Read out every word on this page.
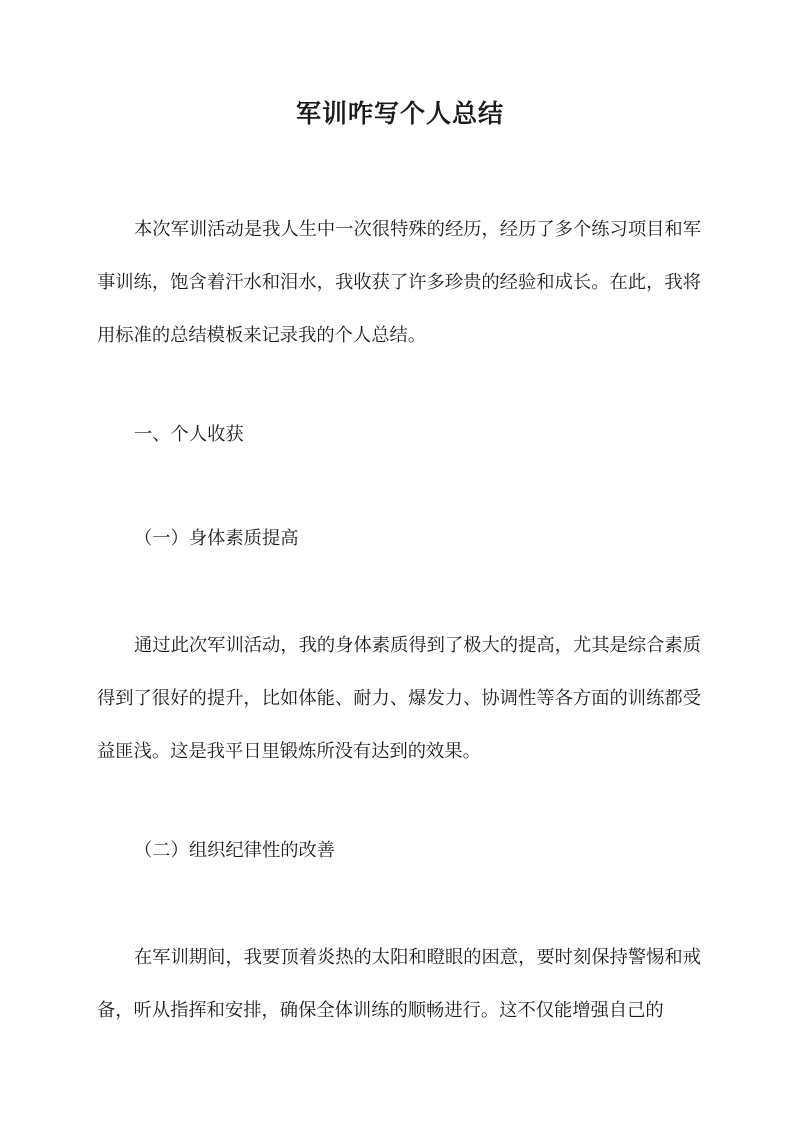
军训咋写个人总结

本次军训活动是我人生中一次很特殊的经历，经历了多个练习项目和军事训练，饱含着汗水和泪水，我收获了许多珍贵的经验和成长。在此，我将用标准的总结模板来记录我的个人总结。

一、个人收获

（一）身体素质提高

通过此次军训活动，我的身体素质得到了极大的提高，尤其是综合素质得到了很好的提升，比如体能、耐力、爆发力、协调性等各方面的训练都受益匪浅。这是我平日里锻炼所没有达到的效果。

（二）组织纪律性的改善

在军训期间，我要顶着炎热的太阳和瞪眼的困意，要时刻保持警惕和戒备，听从指挥和安排，确保全体训练的顺畅进行。这不仅能增强自己的
